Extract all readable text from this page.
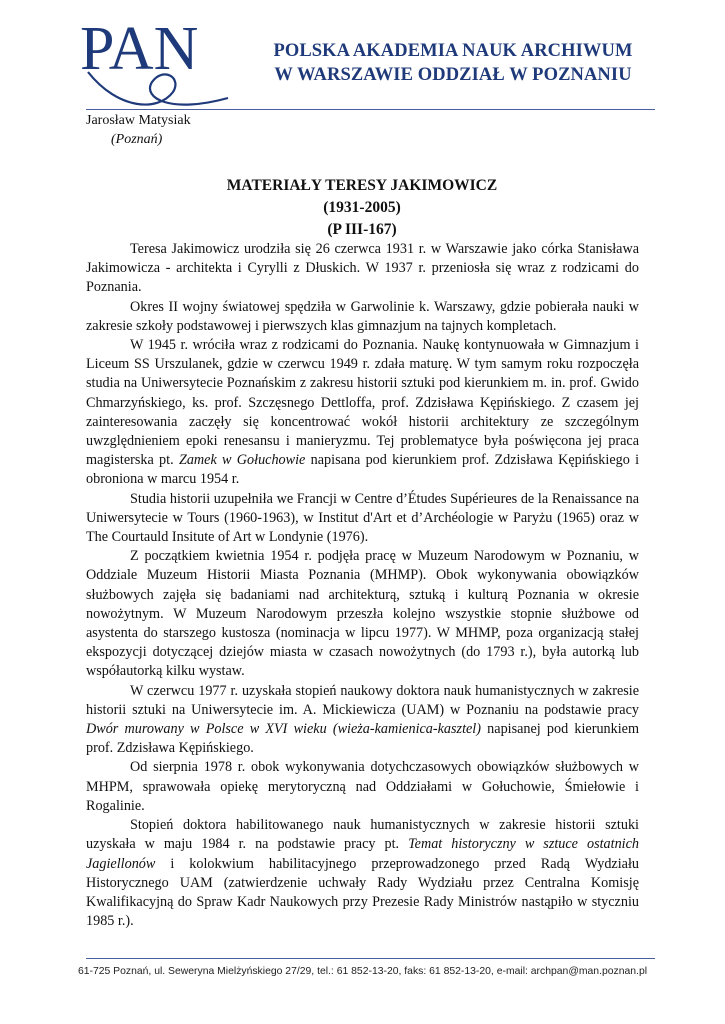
PAN	POLSKA AKADEMIA NAUK ARCHIWUM
W WARSZAWIE ODDZIAŁ W POZNANIU
Jarosław Matysiak
(Poznań)
MATERIAŁY TERESY JAKIMOWICZ
(1931-2005)
(P III-167)

Teresa Jakimowicz urodziła się 26 czerwca 1931 r. w Warszawie jako córka Stanisława Jakimowicza - architekta i Cyrylli z Dłuskich. W 1937 r. przeniosła się wraz z rodzicami do Poznania.

Okres II wojny światowej spędziła w Garwolinie k. Warszawy, gdzie pobierała nauki w zakresie szkoły podstawowej i pierwszych klas gimnazjum na tajnych kompletach.

W 1945 r. wróciła wraz z rodzicami do Poznania. Naukę kontynuowała w Gimnazjum i Liceum SS Urszulanek, gdzie w czerwcu 1949 r. zdała maturę. W tym samym roku rozpoczęła studia na Uniwersytecie Poznańskim z zakresu historii sztuki pod kierunkiem m. in. prof. Gwido Chmarzyńskiego, ks. prof. Szczęsnego Dettloffa, prof. Zdzisława Kępińskiego. Z czasem jej zainteresowania zaczęły się koncentrować wokół historii architektury ze szczególnym uwzględnieniem epoki renesansu i manieryzmu. Tej problematyce była poświęcona jej praca magisterska pt. Zamek w Gołuchowie napisana pod kierunkiem prof. Zdzisława Kępińskiego i obroniona w marcu 1954 r.

Studia historii uzupełniła we Francji w Centre d’Études Supérieures de la Renaissance na Uniwersytecie w Tours (1960-1963), w Institut d'Art et d’Archéologie w Paryżu (1965) oraz w The Courtauld Insitute of Art w Londynie (1976).

Z początkiem kwietnia 1954 r. podjęła pracę w Muzeum Narodowym w Poznaniu, w Oddziale Muzeum Historii Miasta Poznania (MHMP). Obok wykonywania obowiązków służbowych zajęła się badaniami nad architekturą, sztuką i kulturą Poznania w okresie nowożytnym. W Muzeum Narodowym przeszła kolejno wszystkie stopnie służbowe od asystenta do starszego kustosza (nominacja w lipcu 1977). W MHMP, poza organizacją stałej ekspozycji dotyczącej dziejów miasta w czasach nowożytnych (do 1793 r.), była autorką lub współautorką kilku wystaw.

W czerwcu 1977 r. uzyskała stopień naukowy doktora nauk humanistycznych w zakresie historii sztuki na Uniwersytecie im. A. Mickiewicza (UAM) w Poznaniu na podstawie pracy Dwór murowany w Polsce w XVI wieku (wieża-kamienica-kasztel) napisanej pod kierunkiem prof. Zdzisława Kępińskiego.

Od sierpnia 1978 r. obok wykonywania dotychczasowych obowiązków służbowych w MHPM, sprawowała opiekę merytoryczną nad Oddziałami w Gołuchowie, Śmiełowie i Rogalinie.

Stopień doktora habilitowanego nauk humanistycznych w zakresie historii sztuki uzyskała w maju 1984 r. na podstawie pracy pt. Temat historyczny w sztuce ostatnich Jagiellonów i kolokwium habilitacyjnego przeprowadzonego przed Radą Wydziału Historycznego UAM (zatwierdzenie uchwały Rady Wydziału przez Centralna Komisję Kwalifikacyjną do Spraw Kadr Naukowych przy Prezesie Rady Ministrów nastąpiło w styczniu 1985 r.).

61-725 Poznań, ul. Seweryna Mielżyńskiego 27/29, tel.: 61 852-13-20, faks: 61 852-13-20, e-mail: archpan@man.poznan.pl
